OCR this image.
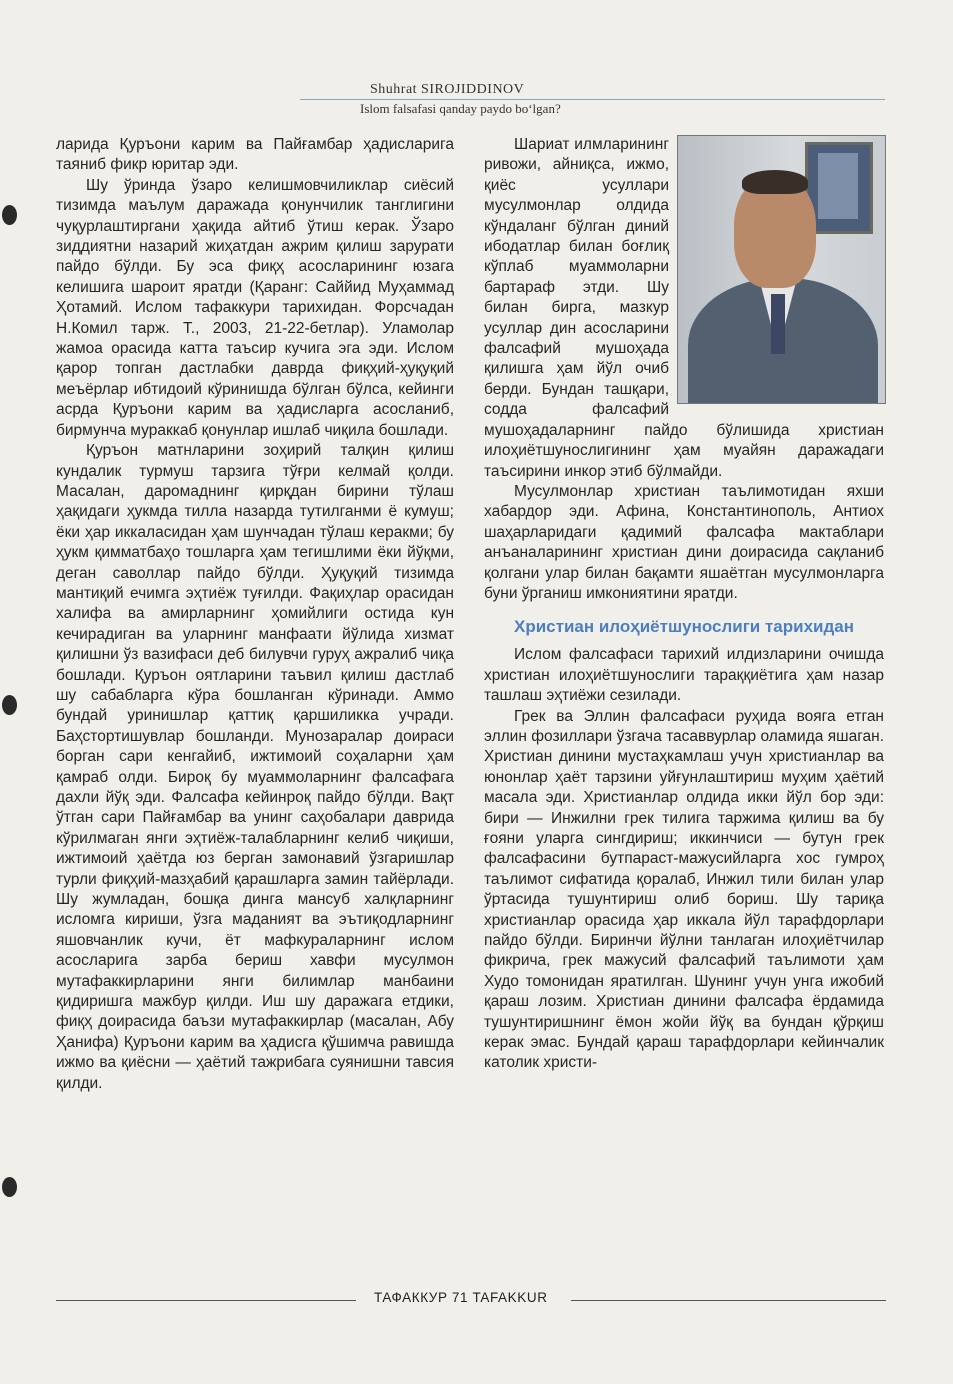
Shuhrat SIROJIDDINOV
Islom falsafasi qanday paydo bo‘lgan?

ларида Қуръони карим ва Пайғамбар ҳадисларига таяниб фикр юритар эди.

Шу ўринда ўзаро келишмовчиликлар сиёсий тизимда маълум даражада қонунчилик танглигини чуқурлаштиргани ҳақида айтиб ўтиш керак. Ўзаро зиддиятни назарий жиҳатдан ажрим қилиш зарурати пайдо бўлди. Бу эса фиқҳ асосларининг юзага келишига шароит яратди (Қаранг: Саййид Муҳаммад Ҳотамий. Ислом тафаккури тарихидан. Форсчадан Н.Комил тарж. Т., 2003, 21-22-бетлар). Уламолар жамоа орасида катта таъсир кучига эга эди. Ислом қарор топган дастлабки даврда фиқҳий-ҳуқуқий меъёрлар ибтидоий кўринишда бўлган бўлса, кейинги асрда Қуръони карим ва ҳадисларга асосланиб, бирмунча мураккаб қонунлар ишлаб чиқила бошлади.

Қуръон матнларини зоҳирий талқин қилиш кундалик турмуш тарзига тўғри келмай қолди. Масалан, даромаднинг қирқдан бирини тўлаш ҳақидаги ҳукмда тилла назарда тутилганми ё кумуш; ёки ҳар иккаласидан ҳам шунчадан тўлаш керакми; бу ҳукм қимматбаҳо тошларга ҳам тегишлими ёки йўқми, деган саволлар пайдо бўлди. Ҳуқуқий тизимда мантиқий ечимга эҳтиёж туғилди. Фақиҳлар орасидан халифа ва амирларнинг ҳомийлиги остида кун кечирадиган ва уларнинг манфаати йўлида хизмат қилишни ўз вазифаси деб билувчи гуруҳ ажралиб чиқа бошлади. Қуръон оятларини таъвил қилиш дастлаб шу сабабларга кўра бошланган кўринади. Аммо бундай уринишлар қаттиқ қаршиликка учради. Баҳстортишувлар бошланди. Мунозаралар доираси борган сари кенгайиб, ижтимоий соҳаларни ҳам қамраб олди. Бироқ бу муаммоларнинг фалсафага дахли йўқ эди. Фалсафа кейинроқ пайдо бўлди. Вақт ўтган сари Пайғамбар ва унинг саҳобалари даврида кўрилмаган янги эҳтиёж-талабларнинг келиб чиқиши, ижтимоий ҳаётда юз берган замонавий ўзгаришлар турли фиқҳий-мазҳабий қарашларга замин тайёрлади. Шу жумладан, бошқа динга мансуб халқларнинг исломга кириши, ўзга маданият ва эътиқодларнинг яшовчанлик кучи, ёт мафкураларнинг ислом асосларига зарба бериш хавфи мусулмон мутафаккирларини янги билимлар манбаини қидиришга мажбур қилди. Иш шу даражага етдики, фиқҳ доирасида баъзи мутафаккирлар (масалан, Абу Ҳанифа) Қуръони карим ва ҳадисга қўшимча равишда ижмо ва қиёсни — ҳаётий тажрибага суянишни тавсия қилди.

Шариат илмларининг ривожи, айниқса, ижмо, қиёс усуллари мусулмонлар олдида кўндаланг бўлган диний ибодатлар билан боғлиқ кўплаб муаммоларни бартараф этди. Шу билан бирга, мазкур усуллар дин асосларини фалсафий мушоҳада қилишга ҳам йўл очиб берди. Бундан ташқари, содда фалсафий мушоҳадаларнинг пайдо бўлишида христиан илоҳиётшунослигининг ҳам муайян даражадаги таъсирини инкор этиб бўлмайди.

Мусулмонлар христиан таълимотидан яхши хабардор эди. Афина, Константинополь, Антиох шаҳарларидаги қадимий фалсафа мактаблари анъаналарининг христиан дини доирасида сақланиб қолгани улар билан бақамти яшаётган мусулмонларга буни ўрганиш имкониятини яратди.

Христиан илоҳиётшунослиги тарихидан

Ислом фалсафаси тарихий илдизларини очишда христиан илоҳиётшунослиги тараққиётига ҳам назар ташлаш эҳтиёжи сезилади.

Грек ва Эллин фалсафаси руҳида вояга етган эллин фозиллари ўзгача тасаввурлар оламида яшаган. Христиан динини мустаҳкамлаш учун христианлар ва юнонлар ҳаёт тарзини уйғунлаштириш муҳим ҳаётий масала эди. Христианлар олдида икки йўл бор эди: бири — Инжилни грек тилига таржима қилиш ва бу ғояни уларга сингдириш; иккинчиси — бутун грек фалсафасини бутпараст-мажусийларга хос гумроҳ таълимот сифатида қоралаб, Инжил тили билан улар ўртасида тушунтириш олиб бориш. Шу тариқа христианлар орасида ҳар иккала йўл тарафдорлари пайдо бўлди. Биринчи йўлни танлаган илоҳиётчилар фикрича, грек мажусий фалсафий таълимоти ҳам Худо томонидан яратилган. Шунинг учун унга ижобий қараш лозим. Христиан динини фалсафа ёрдамида тушунтиришнинг ёмон жойи йўқ ва бундан қўрқиш керак эмас. Бундай қараш тарафдорлари кейинчалик католик христи-

ТАФАККУР 71 TAFAKKUR
